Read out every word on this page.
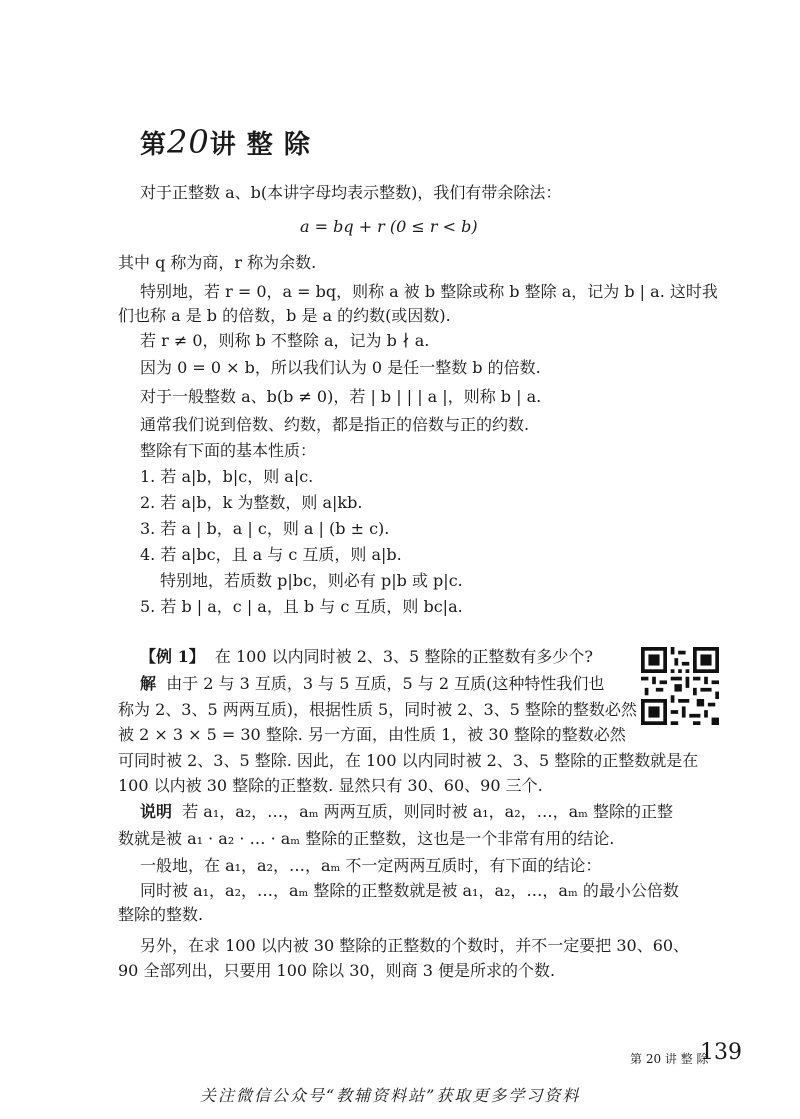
第20讲 整 除
对于正整数 a、b(本讲字母均表示整数)，我们有带余除法：
a = bq + r (0 ≤ r < b)
其中 q 称为商，r 称为余数.
特别地，若 r = 0，a = bq，则称 a 被 b 整除或称 b 整除 a，记为 b | a. 这时我
们也称 a 是 b 的倍数，b 是 a 的约数(或因数).
若 r ≠ 0，则称 b 不整除 a，记为 b ∤ a.
因为 0 = 0 × b，所以我们认为 0 是任一整数 b 的倍数.
对于一般整数 a、b(b ≠ 0)，若 | b | | | a |，则称 b | a.
通常我们说到倍数、约数，都是指正的倍数与正的约数.
整除有下面的基本性质：
1. 若 a|b，b|c，则 a|c.
2. 若 a|b，k 为整数，则 a|kb.
3. 若 a | b，a | c，则 a | (b ± c).
4. 若 a|bc，且 a 与 c 互质，则 a|b.
特别地，若质数 p|bc，则必有 p|b 或 p|c.
5. 若 b | a，c | a，且 b 与 c 互质，则 bc|a.
【例 1】 在 100 以内同时被 2、3、5 整除的正整数有多少个?
解 由于 2 与 3 互质，3 与 5 互质，5 与 2 互质(这种特性我们也
称为 2、3、5 两两互质)，根据性质 5，同时被 2、3、5 整除的整数必然
被 2 × 3 × 5 = 30 整除. 另一方面，由性质 1，被 30 整除的整数必然
可同时被 2、3、5 整除. 因此，在 100 以内同时被 2、3、5 整除的正整数就是在
100 以内被 30 整除的正整数. 显然只有 30、60、90 三个.
说明 若 a₁，a₂，…，aₘ 两两互质，则同时被 a₁，a₂，…，aₘ 整除的正整
数就是被 a₁ · a₂ · … · aₘ 整除的正整数，这也是一个非常有用的结论.
一般地，在 a₁，a₂，…，aₘ 不一定两两互质时，有下面的结论：
同时被 a₁，a₂，…，aₘ 整除的正整数就是被 a₁，a₂，…，aₘ 的最小公倍数
整除的整数.
另外，在求 100 以内被 30 整除的正整数的个数时，并不一定要把 30、60、
90 全部列出，只要用 100 除以 30，则商 3 便是所求的个数.
第 20 讲 整 除
139
关注微信公众号“教辅资料站”获取更多学习资料
